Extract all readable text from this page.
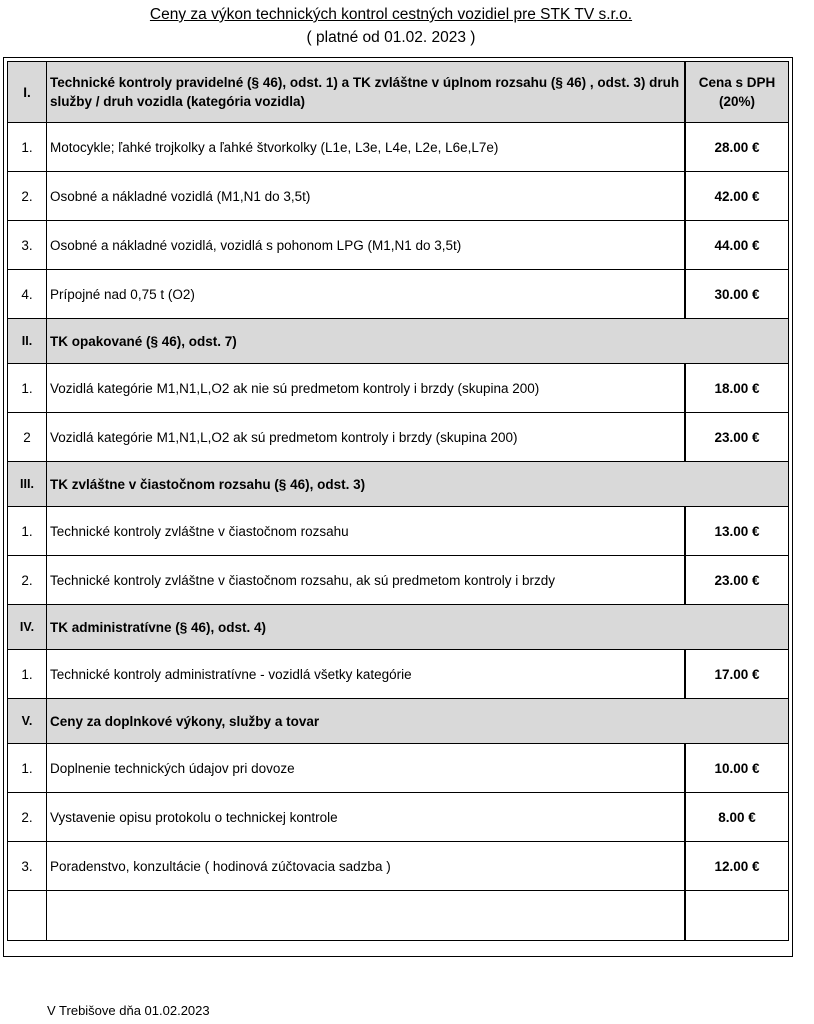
Ceny za výkon technických kontrol cestných vozidiel pre STK TV s.r.o.
( platné od 01.02. 2023 )
I.	Technické kontroly pravidelné (§ 46), odst. 1) a TK zvláštne v úplnom rozsahu (§ 46) , odst. 3) druh služby / druh vozidla (kategória vozidla)	Cena s DPH (20%)
1.	Motocykle; ľahké trojkolky a ľahké štvorkolky (L1e, L3e, L4e, L2e, L6e,L7e)	28.00 €
2.	Osobné a nákladné vozidlá (M1,N1 do 3,5t)	42.00 €
3.	Osobné a nákladné vozidlá, vozidlá s pohonom LPG (M1,N1 do 3,5t)	44.00 €
4.	Prípojné nad 0,75 t (O2)	30.00 €
II.	TK opakované (§ 46), odst. 7)	
1.	Vozidlá kategórie M1,N1,L,O2 ak nie sú predmetom kontroly i brzdy (skupina 200)	18.00 €
2	Vozidlá kategórie M1,N1,L,O2 ak sú predmetom kontroly i brzdy (skupina 200)	23.00 €
III.	TK zvláštne v čiastočnom rozsahu (§ 46), odst. 3)	
1.	Technické kontroly zvláštne v čiastočnom rozsahu	13.00 €
2.	Technické kontroly zvláštne v čiastočnom rozsahu, ak sú predmetom kontroly i brzdy	23.00 €
IV.	TK administratívne (§ 46), odst. 4)	
1.	Technické kontroly administratívne - vozidlá všetky kategórie	17.00 €
V.	Ceny za doplnkové výkony, služby a tovar	
1.	Doplnenie technických údajov pri dovoze	10.00 €
2.	Vystavenie opisu protokolu o technickej kontrole	8.00 €
3.	Poradenstvo, konzultácie ( hodinová zúčtovacia sadzba )	12.00 €

V Trebišove dňa 01.02.2023
